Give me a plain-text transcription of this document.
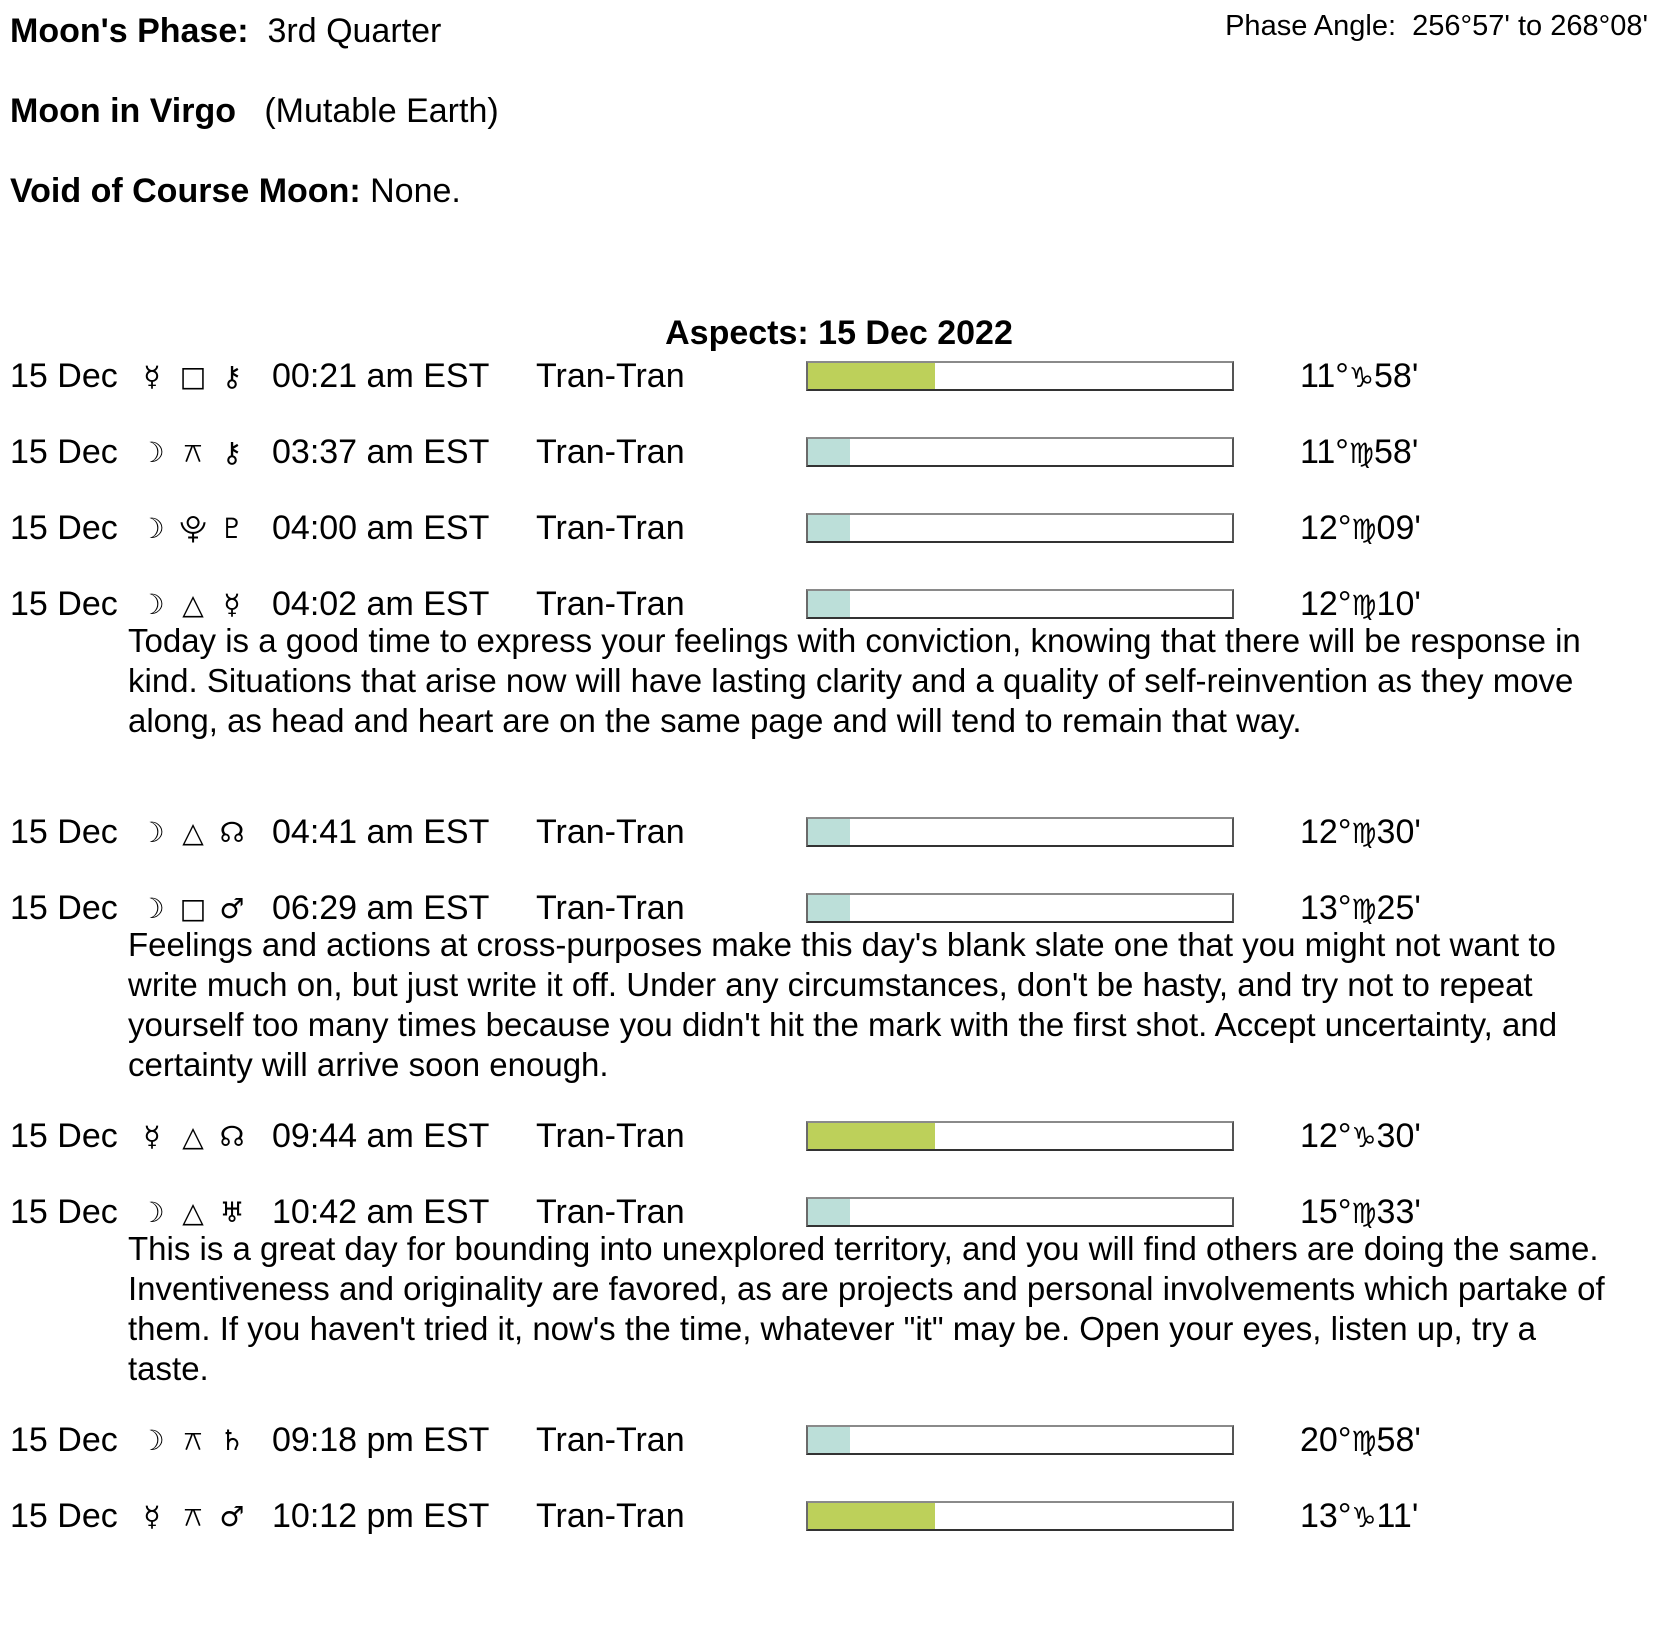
Moon's Phase: 3rd Quarter	Phase Angle: 256°57' to 268°08'
Moon in Virgo (Mutable Earth)
Void of Course Moon: None.
Aspects: 15 Dec 2022
15 Dec ☿ □ ⚷ 00:21 am EST Tran-Tran	11°♑58'
15 Dec ☽ ⚻ ⚷ 03:37 am EST Tran-Tran	11°♍58'
15 Dec ☽ ⯓ ♇ 04:00 am EST Tran-Tran	12°♍09'
15 Dec ☽ △ ☿ 04:02 am EST Tran-Tran	12°♍10'
Today is a good time to express your feelings with conviction, knowing that there will be response in kind. Situations that arise now will have lasting clarity and a quality of self-reinvention as they move along, as head and heart are on the same page and will tend to remain that way.
15 Dec ☽ △ ☊ 04:41 am EST Tran-Tran	12°♍30'
15 Dec ☽ □ ♂ 06:29 am EST Tran-Tran	13°♍25'
Feelings and actions at cross-purposes make this day's blank slate one that you might not want to write much on, but just write it off. Under any circumstances, don't be hasty, and try not to repeat yourself too many times because you didn't hit the mark with the first shot. Accept uncertainty, and certainty will arrive soon enough.
15 Dec ☿ △ ☊ 09:44 am EST Tran-Tran	12°♑30'
15 Dec ☽ △ ♅ 10:42 am EST Tran-Tran	15°♍33'
This is a great day for bounding into unexplored territory, and you will find others are doing the same. Inventiveness and originality are favored, as are projects and personal involvements which partake of them. If you haven't tried it, now's the time, whatever "it" may be. Open your eyes, listen up, try a taste.
15 Dec ☽ ⚻ ♄ 09:18 pm EST Tran-Tran	20°♍58'
15 Dec ☿ ⚻ ♂ 10:12 pm EST Tran-Tran	13°♑11'
